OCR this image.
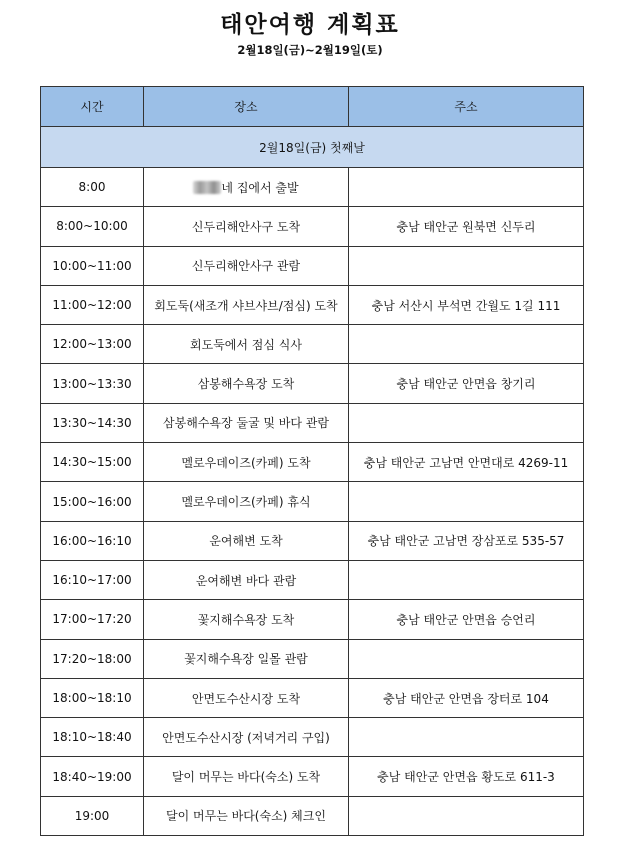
태안여행 계획표
2월18일(금)~2월19일(토)
시간	장소	주소
2월18일(금) 첫째날		
8:00	네 집에서 출발	
8:00~10:00	신두리해안사구 도착	충남 태안군 원북면 신두리
10:00~11:00	신두리해안사구 관람	
11:00~12:00	회도둑(새조개 샤브샤브/점심) 도착	충남 서산시 부석면 간월도 1길 111
12:00~13:00	회도둑에서 점심 식사	
13:00~13:30	삼봉해수욕장 도착	충남 태안군 안면읍 창기리
13:30~14:30	삼봉해수욕장 둘굴 및 바다 관람	
14:30~15:00	멜로우데이즈(카페) 도착	충남 태안군 고남면 안면대로 4269-11
15:00~16:00	멜로우데이즈(카페) 휴식	
16:00~16:10	운여해변 도착	충남 태안군 고남면 장삼포로 535-57
16:10~17:00	운여해변 바다 관람	
17:00~17:20	꽃지해수욕장 도착	충남 태안군 안면읍 승언리
17:20~18:00	꽃지해수욕장 일몰 관람	
18:00~18:10	안면도수산시장 도착	충남 태안군 안면읍 장터로 104
18:10~18:40	안면도수산시장 (저녁거리 구입)	
18:40~19:00	달이 머무는 바다(숙소) 도착	충남 태안군 안면읍 황도로 611-3
19:00	달이 머무는 바다(숙소) 체크인	
